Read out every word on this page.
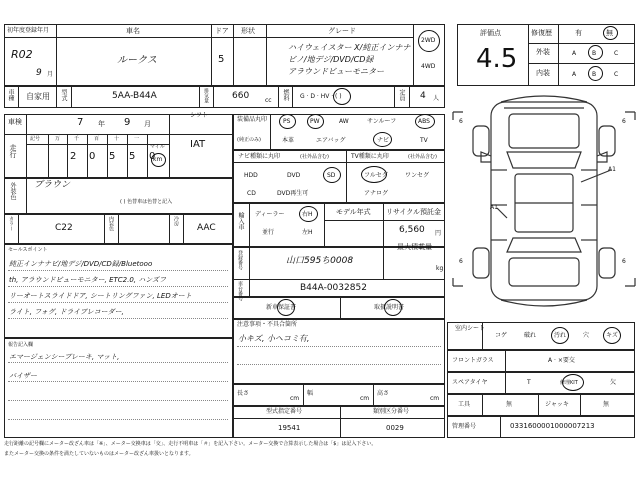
初年度登録年月
R02
9 月
車名
ルークス
ドア
5
形状	グレード
ハイウェイスター X/純正インナナ
ビノ/地デジ/DVD/CD録
アラウンドビューモニター
2WD
4WD
車種 自家用 型式	5AA-B44A	排気量	660	cc 燃料 G · D · HV · ( )	定員 4 人
車検	7 年 9 月
走行
記号	万	千	百	十	一
2 0 5 5 0
マイル
km
シフト
IAT
装備品丸印
(純正のみ)
PS	PW	AW	サンルーフ	ABS
本革	エアバッグ	ナビ	TV
ナビ種類に丸印	(社外品含む)	TV種類に丸印	(社外品含む)
HDD	DVD	SD
CD	DVD再生可
フルセグ	ワンセグ
アナログ
外装色 ブラウン
( ) 色替車は色替と記入
カラー	C22	内装色	冷房
AAC	輸入車 ディーラー
並行
右H
左H
モデル年式 リサイクル預託金
6,560 円
登録番号	山口595ち0008
最大積載量
kg
車台番号	B44A-0032852
セールスポイント
純正インナナビ/地デジ/DVD/CD録/Bluetooo
th, アラウンドビューモニター, ETC2.0, ハンズフ
リーオートスライドドア, シートリングファン, LEDオート
ライト, フォグ, ドライブレコーダー,
報告記入欄
エマージェンシーブレーキ, マット,
バイザー
新車保証書	取扱説明書
注意事項・不具合箇所
小キズ, 小ヘコミ有,
長さ
cm
幅
cm
高さ
cm
型式指定番号
19541
類別区分番号
0029
評価点
4.5
修復歴	有	無
外装	A	B	C
内装	A	B	C
6	6
6	6
A1
A1
室内シート
コゲ	破れ	汚れ	穴	キズ
フロントガラス	A · ×要交
スペアタイヤ	T	修理KIT	欠
工具	無	ジャッキ	無
管理番号	0331600001000007213
走行距離の記号欄にメーター改ざん車は「※」、メーター交換車は「交」、走行不明車は「＃」を記入下さい。メーター交換で合算表示した場合は「$」は記入下さい。
またメーター交換の条件を満たしていないものはメーター改ざん車扱いとなります。
